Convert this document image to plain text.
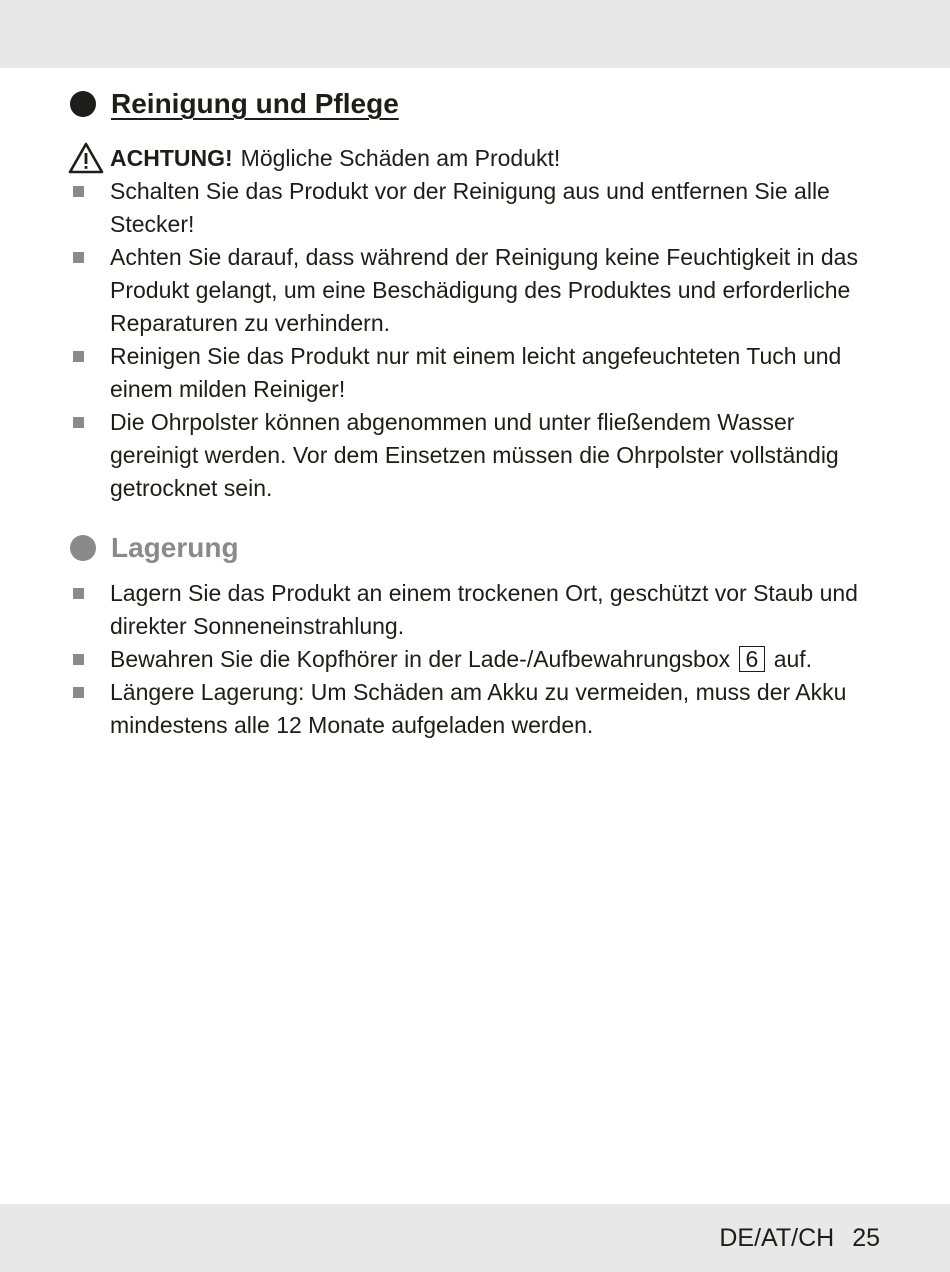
Reinigung und Pflege
ACHTUNG! Mögliche Schäden am Produkt!
Schalten Sie das Produkt vor der Reinigung aus und entfernen Sie alle Stecker!
Achten Sie darauf, dass während der Reinigung keine Feuchtigkeit in das Produkt gelangt, um eine Beschädigung des Produktes und erforderliche Reparaturen zu verhindern.
Reinigen Sie das Produkt nur mit einem leicht angefeuchteten Tuch und einem milden Reiniger!
Die Ohrpolster können abgenommen und unter fließendem Wasser gereinigt werden. Vor dem Einsetzen müssen die Ohrpolster vollständig getrocknet sein.
Lagerung
Lagern Sie das Produkt an einem trockenen Ort, geschützt vor Staub und direkter Sonneneinstrahlung.
Bewahren Sie die Kopfhörer in der Lade-/Aufbewahrungsbox 6 auf.
Längere Lagerung: Um Schäden am Akku zu vermeiden, muss der Akku mindestens alle 12 Monate aufgeladen werden.
DE/AT/CH 25
